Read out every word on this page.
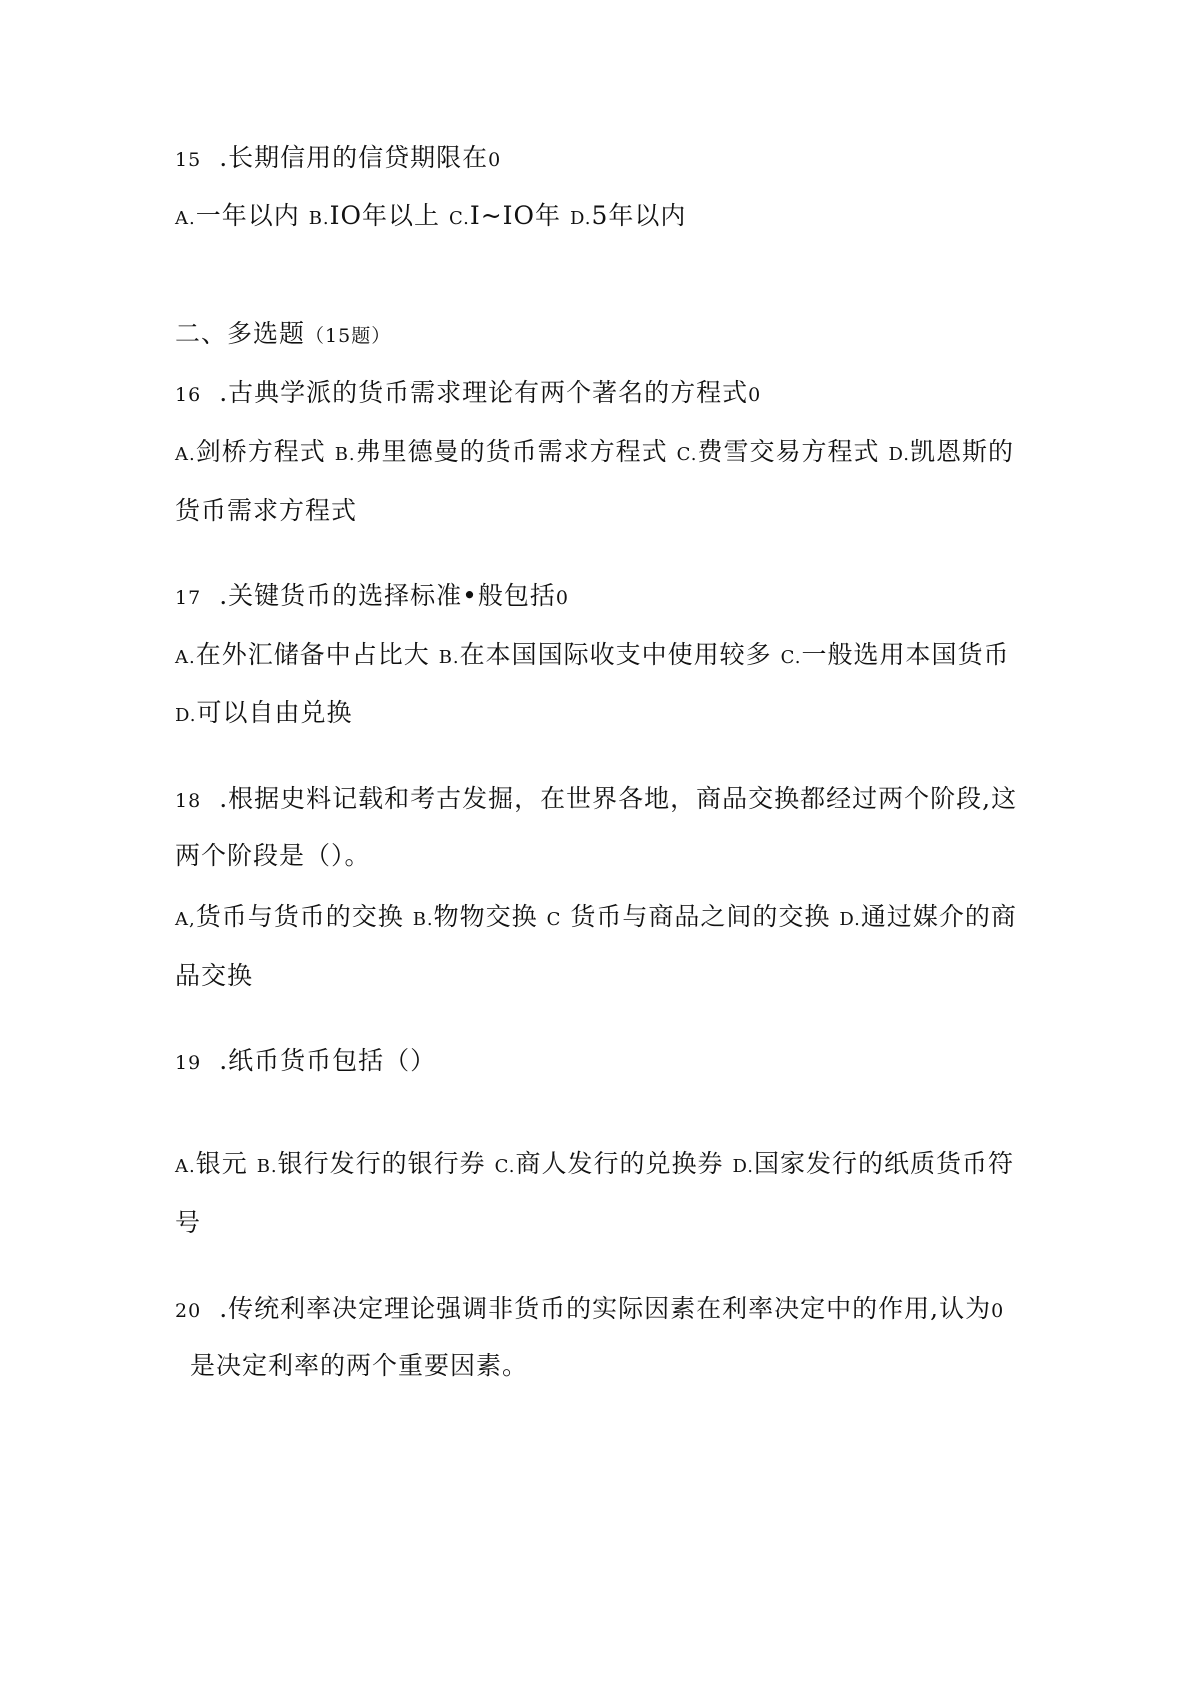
15 .长期信用的信贷期限在0
A.一年以内 B.IO年以上 C.I~IO年 D.5年以内
二、多选题（15题）
16 .古典学派的货币需求理论有两个著名的方程式0
A.剑桥方程式 B.弗里德曼的货币需求方程式 C.费雪交易方程式 D.凯恩斯的
货币需求方程式
17 .关键货币的选择标准•般包括0
A.在外汇储备中占比大 B.在本国国际收支中使用较多 C.一般选用本国货币
D.可以自由兑换
18 .根据史料记载和考古发掘，在世界各地，商品交换都经过两个阶段,这
两个阶段是（）。
A,货币与货币的交换 B.物物交换 C 货币与商品之间的交换 D.通过媒介的商
品交换
19 .纸币货币包括（）
A.银元 B.银行发行的银行券 C.商人发行的兑换券 D.国家发行的纸质货币符
号
20 .传统利率决定理论强调非货币的实际因素在利率决定中的作用,认为0
是决定利率的两个重要因素。
